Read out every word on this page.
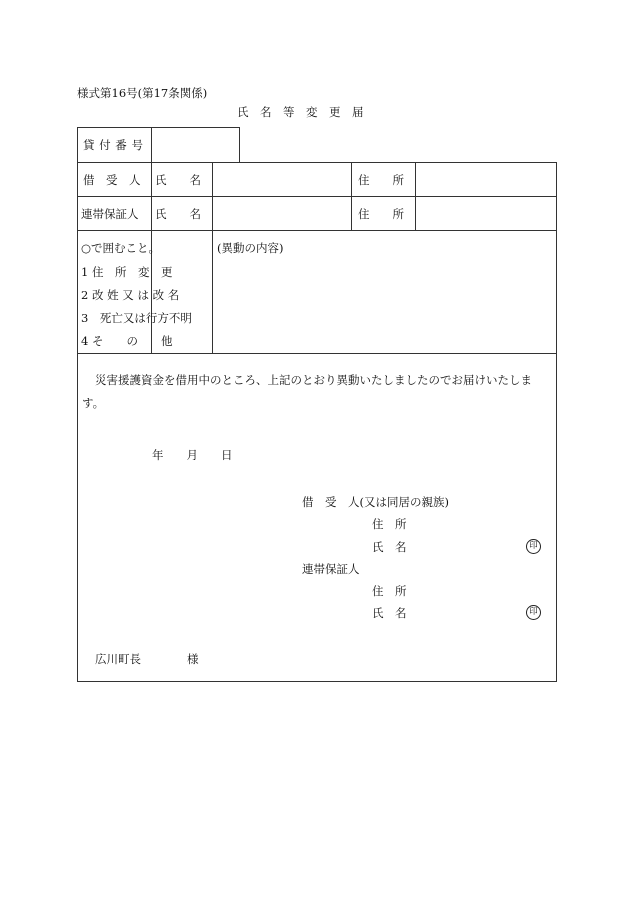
様式第16号(第17条関係)
氏　名　等　変　更　届
貸 付 番 号
借　受　人 氏　　名	住　　所
連帯保証人 氏　　名	住　　所
○で囲むこと。
1 住　所　変　更
2 改 姓 又 は 改 名
3　死亡又は行方不明
4 そ　　の　　他
(異動の内容)
災害援護資金を借用中のところ、上記のとおり異動いたしましたのでお届けいたしま
す。
年　　月　　日
借　受　人(又は同居の親族)
住　所
氏　名	印
連帯保証人
住　所
氏　名	印
広川町長　　　　様
